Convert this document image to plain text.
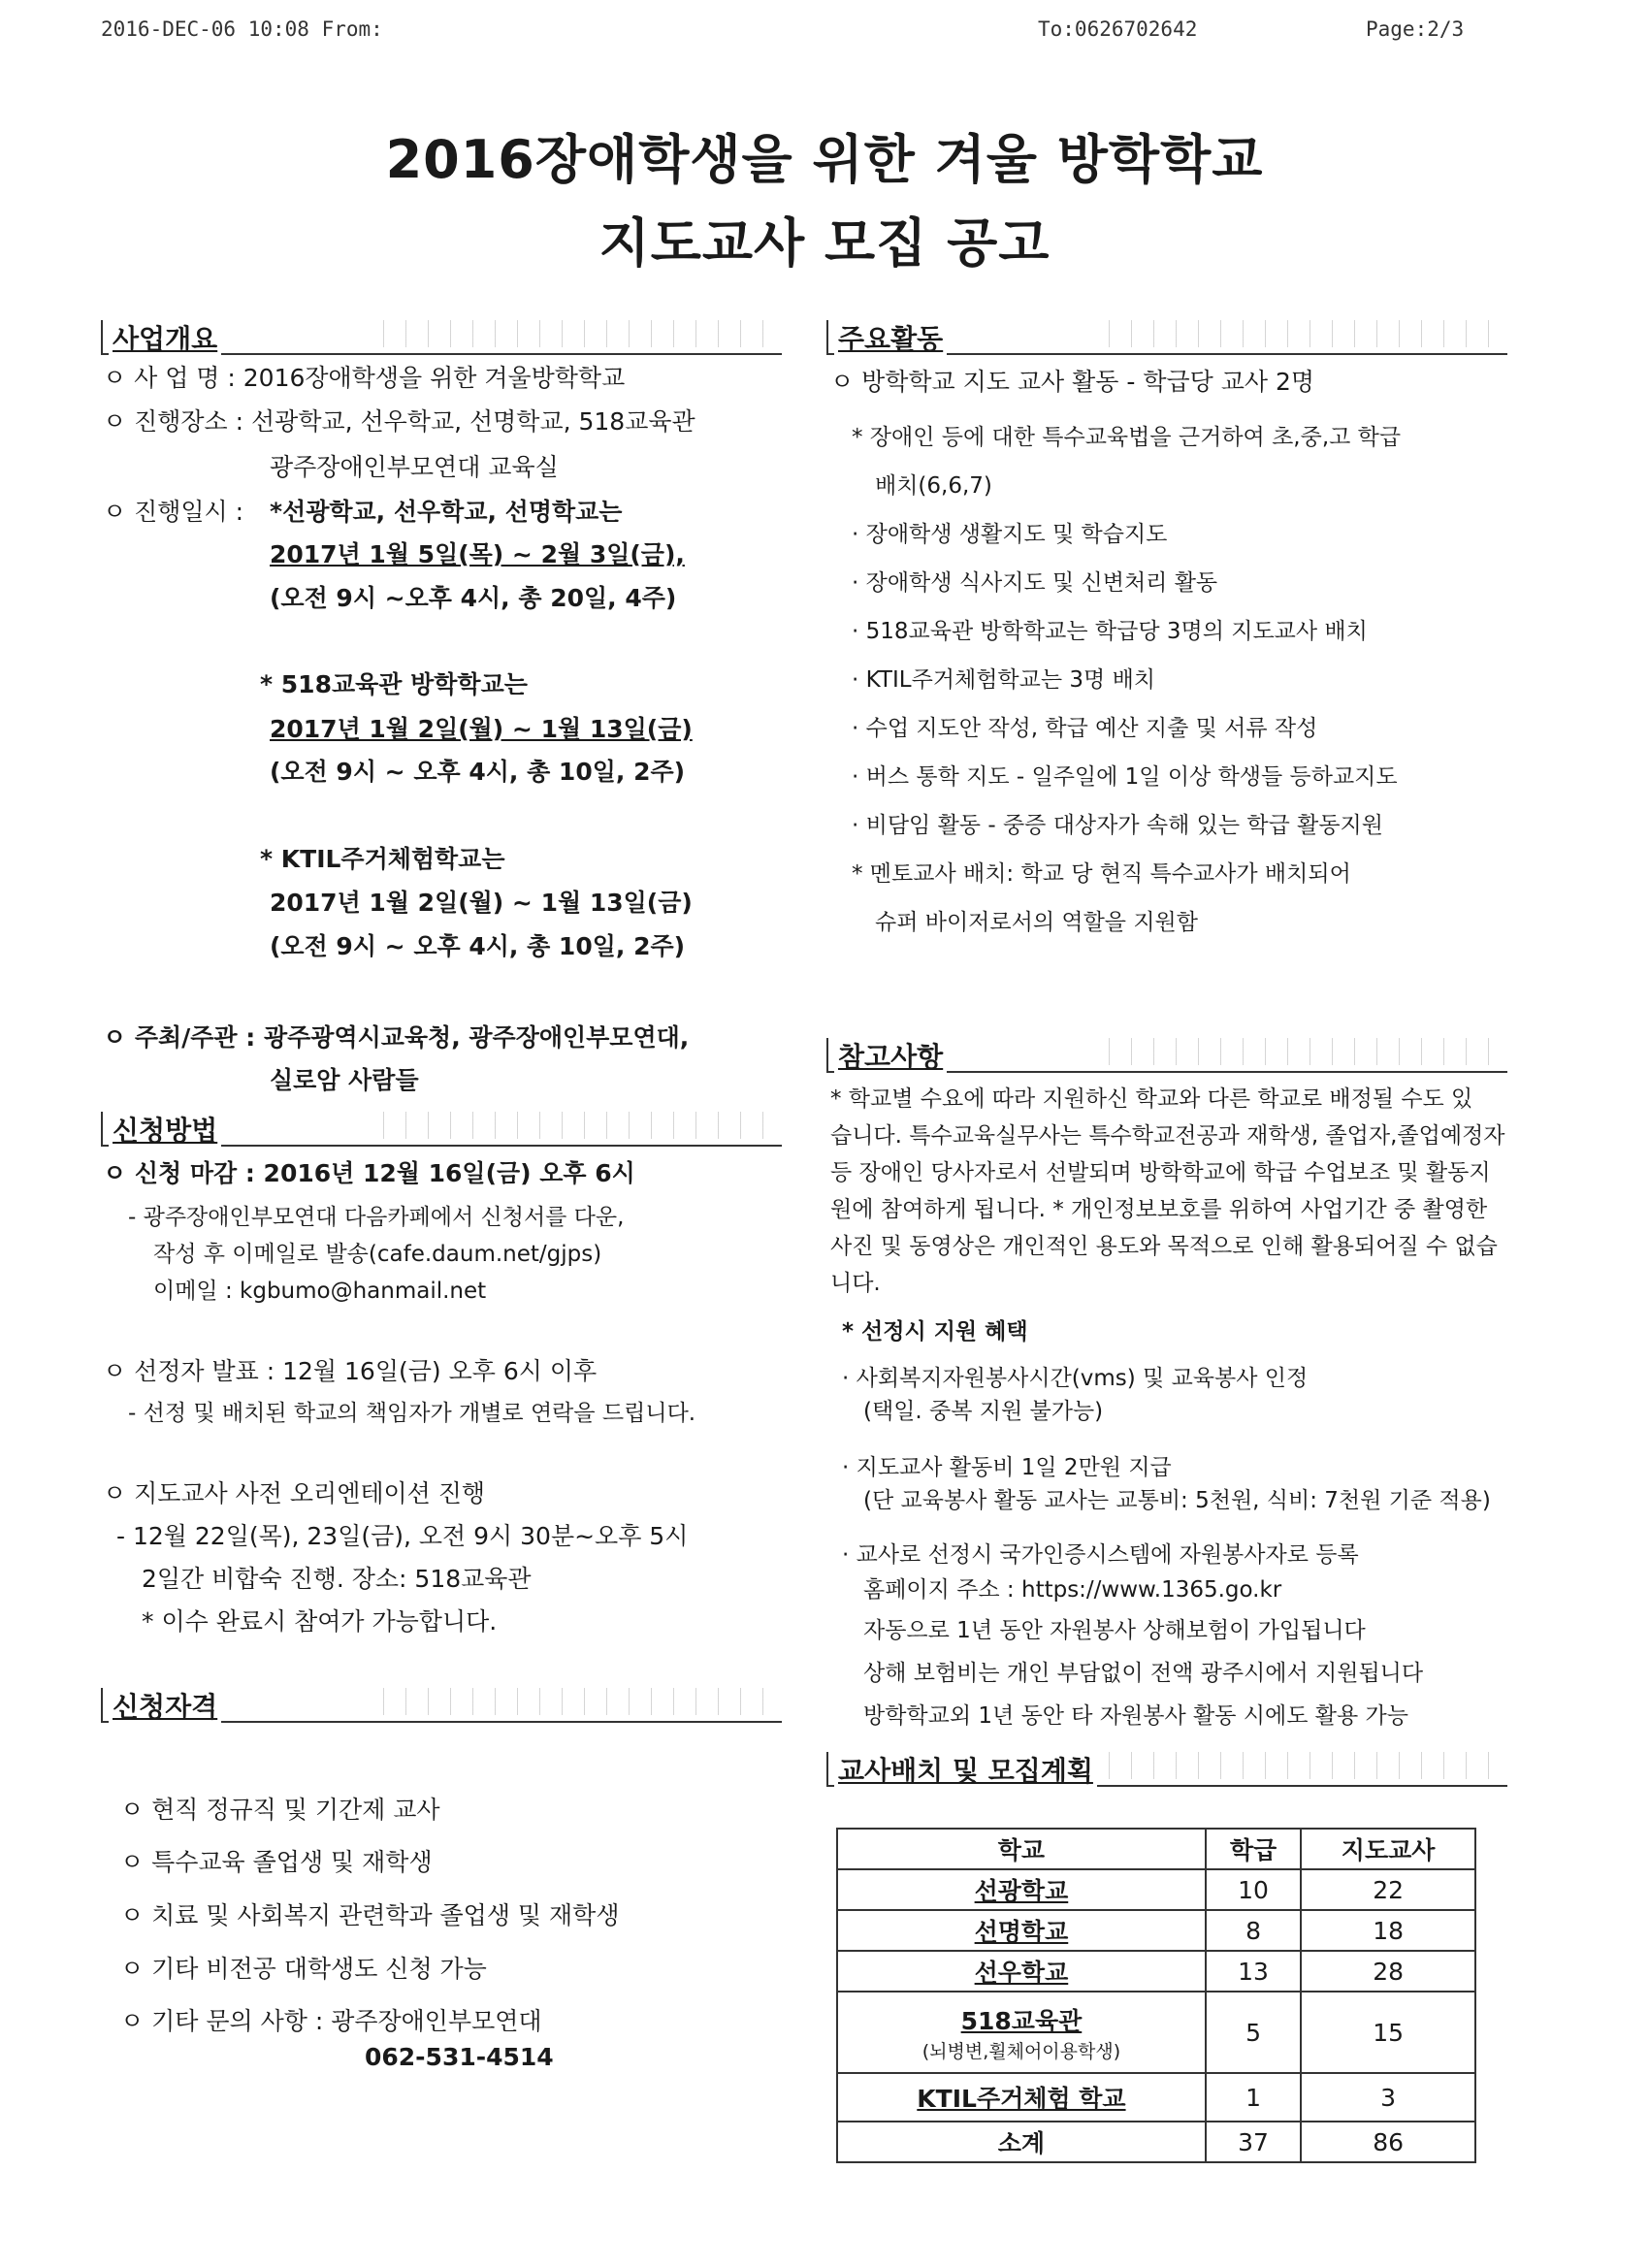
2016-DEC-06 10:08 From:	To:0626702642	Page:2/3
2016장애학생을 위한 겨울 방학학교
지도교사 모집 공고
사업개요
ㅇ 사 업 명 : 2016장애학생을 위한 겨울방학학교
ㅇ 진행장소 : 선광학교, 선우학교, 선명학교, 518교육관
광주장애인부모연대 교육실
ㅇ 진행일시 : *선광학교, 선우학교, 선명학교는
2017년 1월 5일(목) ~ 2월 3일(금),
(오전 9시 ~오후 4시, 총 20일, 4주)
* 518교육관 방학학교는
2017년 1월 2일(월) ~ 1월 13일(금)
(오전 9시 ~ 오후 4시, 총 10일, 2주)
* KTIL주거체험학교는
2017년 1월 2일(월) ~ 1월 13일(금)
(오전 9시 ~ 오후 4시, 총 10일, 2주)
ㅇ 주최/주관 : 광주광역시교육청, 광주장애인부모연대,
실로암 사람들
신청방법
ㅇ 신청 마감 : 2016년 12월 16일(금) 오후 6시
- 광주장애인부모연대 다음카페에서 신청서를 다운,
작성 후 이메일로 발송(cafe.daum.net/gjps)
이메일 : kgbumo@hanmail.net
ㅇ 선정자 발표 : 12월 16일(금) 오후 6시 이후
- 선정 및 배치된 학교의 책임자가 개별로 연락을 드립니다.
ㅇ 지도교사 사전 오리엔테이션 진행
- 12월 22일(목), 23일(금), 오전 9시 30분~오후 5시
2일간 비합숙 진행. 장소: 518교육관
* 이수 완료시 참여가 가능합니다.
신청자격
ㅇ 현직 정규직 및 기간제 교사
ㅇ 특수교육 졸업생 및 재학생
ㅇ 치료 및 사회복지 관련학과 졸업생 및 재학생
ㅇ 기타 비전공 대학생도 신청 가능
ㅇ 기타 문의 사항 : 광주장애인부모연대
062-531-4514
주요활동
ㅇ 방학학교 지도 교사 활동 - 학급당 교사 2명
* 장애인 등에 대한 특수교육법을 근거하여 초,중,고 학급
배치(6,6,7)
· 장애학생 생활지도 및 학습지도
· 장애학생 식사지도 및 신변처리 활동
· 518교육관 방학학교는 학급당 3명의 지도교사 배치
· KTIL주거체험학교는 3명 배치
· 수업 지도안 작성, 학급 예산 지출 및 서류 작성
· 버스 통학 지도 - 일주일에 1일 이상 학생들 등하교지도
· 비담임 활동 - 중증 대상자가 속해 있는 학급 활동지원
* 멘토교사 배치: 학교 당 현직 특수교사가 배치되어
슈퍼 바이저로서의 역할을 지원함
참고사항
* 학교별 수요에 따라 지원하신 학교와 다른 학교로 배정될 수도 있
습니다. 특수교육실무사는 특수학교전공과 재학생, 졸업자,졸업예정자
등 장애인 당사자로서 선발되며 방학학교에 학급 수업보조 및 활동지
원에 참여하게 됩니다. * 개인정보보호를 위하여 사업기간 중 촬영한
사진 및 동영상은 개인적인 용도와 목적으로 인해 활용되어질 수 없습
니다.
* 선정시 지원 혜택
· 사회복지자원봉사시간(vms) 및 교육봉사 인정
(택일. 중복 지원 불가능)
· 지도교사 활동비 1일 2만원 지급
(단 교육봉사 활동 교사는 교통비: 5천원, 식비: 7천원 기준 적용)
· 교사로 선정시 국가인증시스템에 자원봉사자로 등록
홈페이지 주소 : https://www.1365.go.kr
자동으로 1년 동안 자원봉사 상해보험이 가입됩니다
상해 보험비는 개인 부담없이 전액 광주시에서 지원됩니다
방학학교외 1년 동안 타 자원봉사 활동 시에도 활용 가능
교사배치 및 모집계획
학교	학급	지도교사
선광학교	10	22
선명학교	8	18
선우학교	13	28
518교육관
(뇌병변,휠체어이용학생)	5	15
KTIL주거체험 학교	1	3
소계	37	86
